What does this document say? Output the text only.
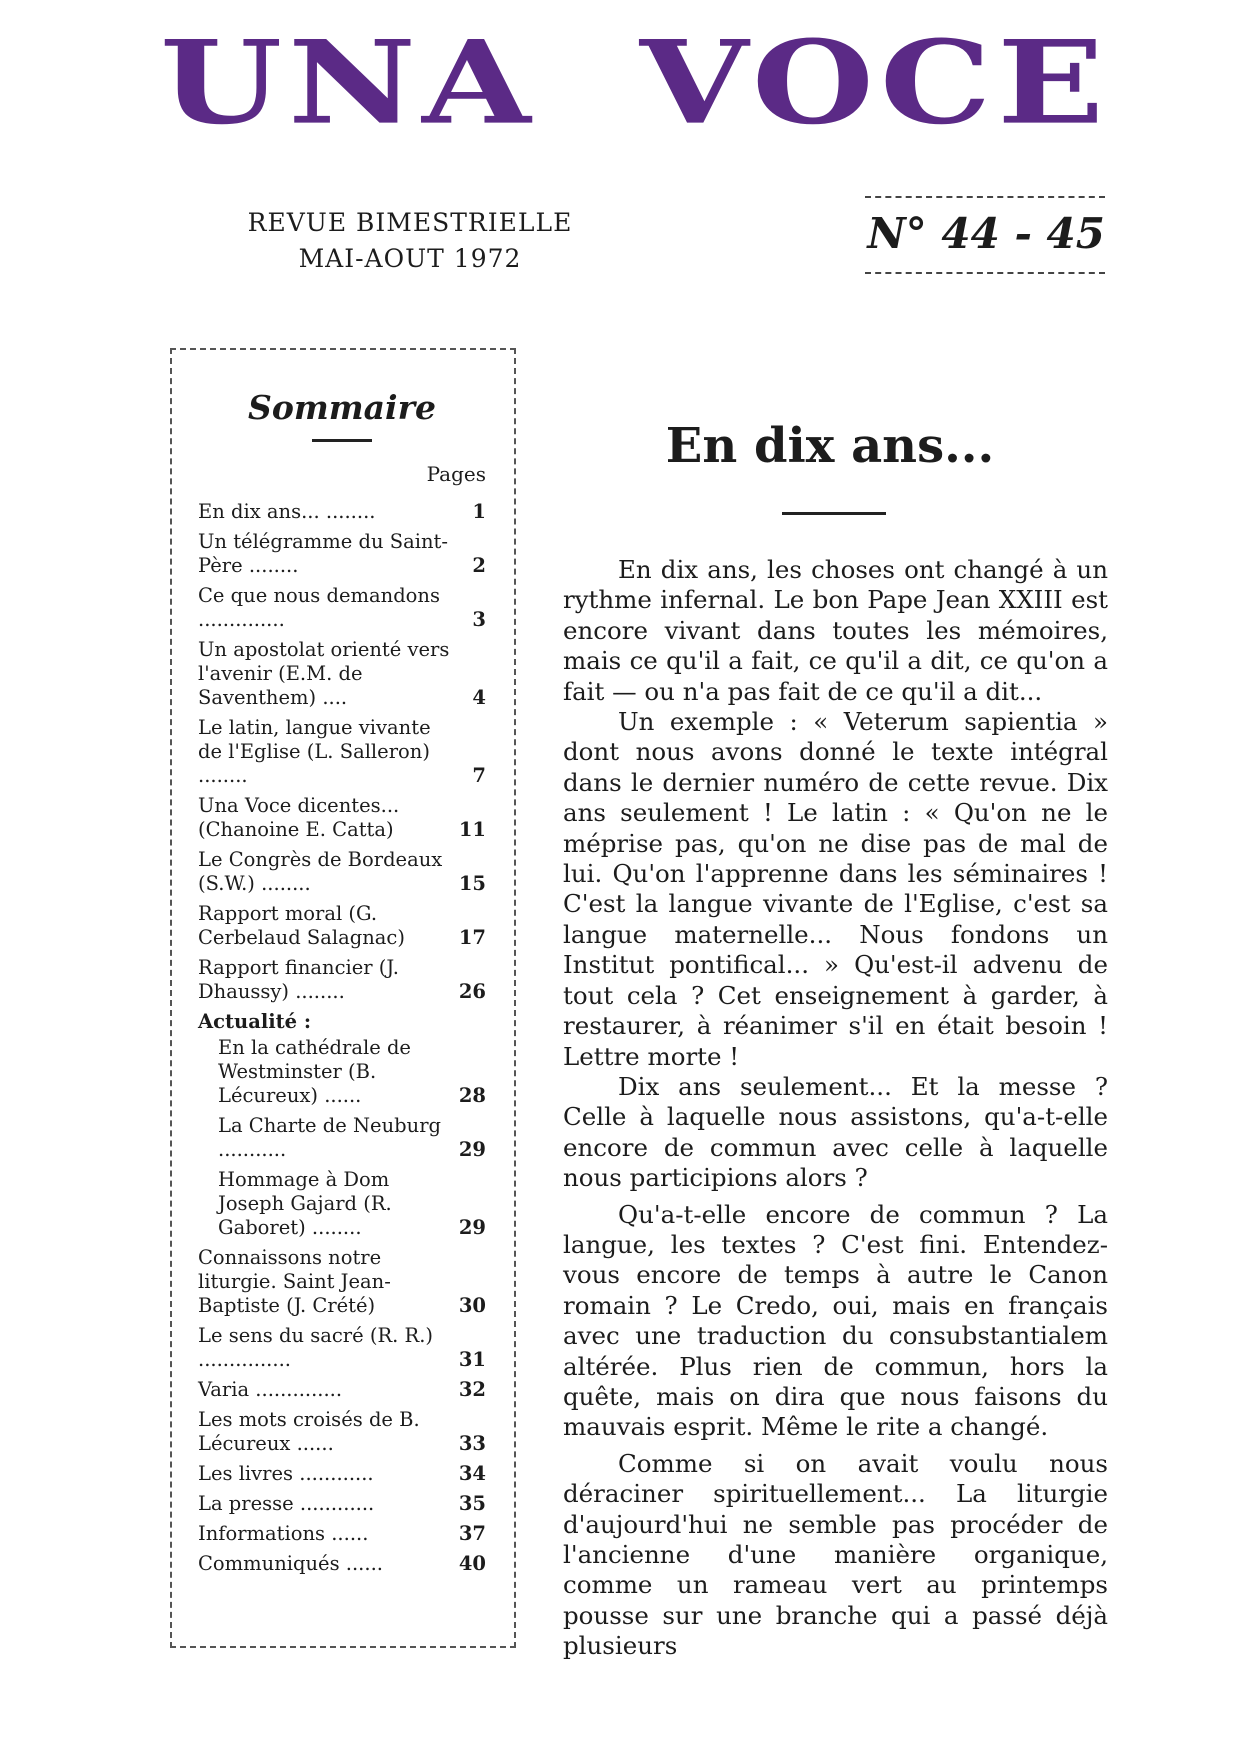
UNA VOCE
REVUE BIMESTRIELLE
MAI-AOUT 1972
N° 44 - 45
Sommaire
Pages
En dix ans... ........	1
Un télégramme du Saint-Père ........	2
Ce que nous demandons ..............	3
Un apostolat orienté vers l'avenir (E.M. de Saventhem) ....	4
Le latin, langue vivante de l'Eglise (L. Salleron) ........	7
Una Voce dicentes... (Chanoine E. Catta)	11
Le Congrès de Bordeaux (S.W.) ........	15
Rapport moral (G. Cerbelaud Salagnac)	17
Rapport financier (J. Dhaussy) ........	26
Actualité :
En la cathédrale de Westminster (B. Lécureux) ......	28
La Charte de Neuburg ...........	29
Hommage à Dom Joseph Gajard (R. Gaboret) ........	29
Connaissons notre liturgie. Saint Jean-Baptiste (J. Crété)	30
Le sens du sacré (R. R.) ...............	31
Varia ..............	32
Les mots croisés de B. Lécureux ......	33
Les livres ............	34
La presse ............	35
Informations ......	37
Communiqués ......	40
En dix ans...

En dix ans, les choses ont changé à un rythme infernal. Le bon Pape Jean XXIII est encore vivant dans toutes les mémoires, mais ce qu'il a fait, ce qu'il a dit, ce qu'on a fait — ou n'a pas fait de ce qu'il a dit...

Un exemple : « Veterum sapientia » dont nous avons donné le texte intégral dans le dernier numéro de cette revue. Dix ans seulement ! Le latin : « Qu'on ne le méprise pas, qu'on ne dise pas de mal de lui. Qu'on l'apprenne dans les séminaires ! C'est la langue vivante de l'Eglise, c'est sa langue maternelle... Nous fondons un Institut pontifical... » Qu'est-il advenu de tout cela ? Cet enseignement à garder, à restaurer, à réanimer s'il en était besoin ! Lettre morte !

Dix ans seulement... Et la messe ? Celle à laquelle nous assistons, qu'a-t-elle encore de commun avec celle à laquelle nous participions alors ?

Qu'a-t-elle encore de commun ? La langue, les textes ? C'est fini. Entendez-vous encore de temps à autre le Canon romain ? Le Credo, oui, mais en français avec une traduction du consubstantialem altérée. Plus rien de commun, hors la quête, mais on dira que nous faisons du mauvais esprit. Même le rite a changé.

Comme si on avait voulu nous déraciner spirituellement... La liturgie d'aujourd'hui ne semble pas procéder de l'ancienne d'une manière organique, comme un rameau vert au printemps pousse sur une branche qui a passé déjà plusieurs
